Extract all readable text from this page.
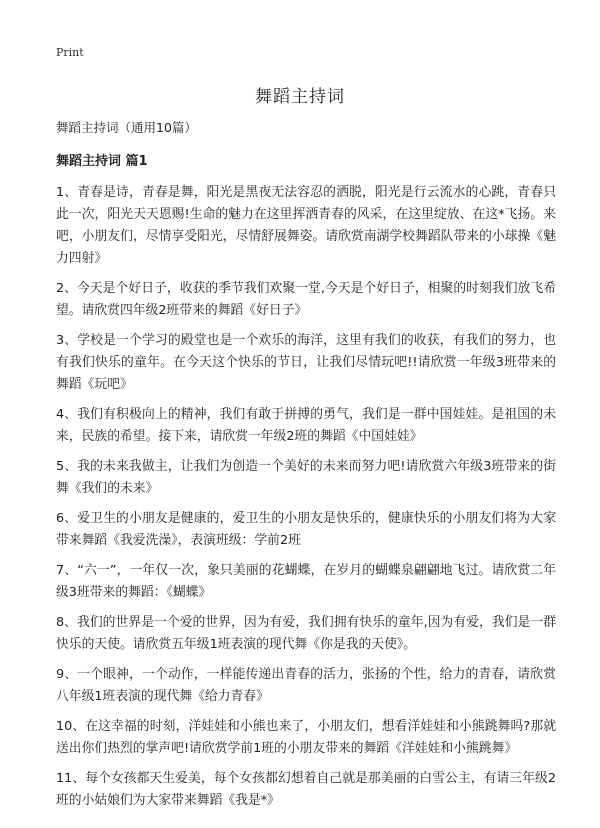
Print
舞蹈主持词
舞蹈主持词（通用10篇）
舞蹈主持词 篇1

1、青春是诗，青春是舞，阳光是黑夜无法容忍的洒脱，阳光是行云流水的心跳，青春只此一次，阳光天天恩赐!生命的魅力在这里挥洒青春的风采，在这里绽放、在这*飞扬。来吧，小朋友们，尽情享受阳光，尽情舒展舞姿。请欣赏南湖学校舞蹈队带来的小球操《魅力四射》

2、今天是个好日子，收获的季节我们欢聚一堂,今天是个好日子，相聚的时刻我们放飞希望。请欣赏四年级2班带来的舞蹈《好日子》

3、学校是一个学习的殿堂也是一个欢乐的海洋，这里有我们的收获，有我们的努力，也有我们快乐的童年。在今天这个快乐的节日，让我们尽情玩吧!!请欣赏一年级3班带来的舞蹈《玩吧》

4、我们有积极向上的精神，我们有敢于拼搏的勇气，我们是一群中国娃娃。是祖国的未来，民族的希望。接下来，请欣赏一年级2班的舞蹈《中国娃娃》

5、我的未来我做主，让我们为创造一个美好的未来而努力吧!请欣赏六年级3班带来的街舞《我们的未来》

6、爱卫生的小朋友是健康的，爱卫生的小朋友是快乐的，健康快乐的小朋友们将为大家带来舞蹈《我爱洗澡》，表演班级：学前2班

7、“六一”，一年仅一次，象只美丽的花蝴蝶，在岁月的蝴蝶泉翩翩地飞过。请欣赏二年级3班带来的舞蹈：《蝴蝶》

8、我们的世界是一个爱的世界，因为有爱，我们拥有快乐的童年,因为有爱，我们是一群快乐的天使。请欣赏五年级1班表演的现代舞《你是我的天使》。

9、一个眼神，一个动作，一样能传递出青春的活力，张扬的个性，给力的青春，请欣赏八年级1班表演的现代舞《给力青春》

10、在这幸福的时刻，洋娃娃和小熊也来了，小朋友们，想看洋娃娃和小熊跳舞吗?那就送出你们热烈的掌声吧!请欣赏学前1班的小朋友带来的舞蹈《洋娃娃和小熊跳舞》

11、每个女孩都天生爱美，每个女孩都幻想着自己就是那美丽的白雪公主，有请三年级2班的小姑娘们为大家带来舞蹈《我是*》
